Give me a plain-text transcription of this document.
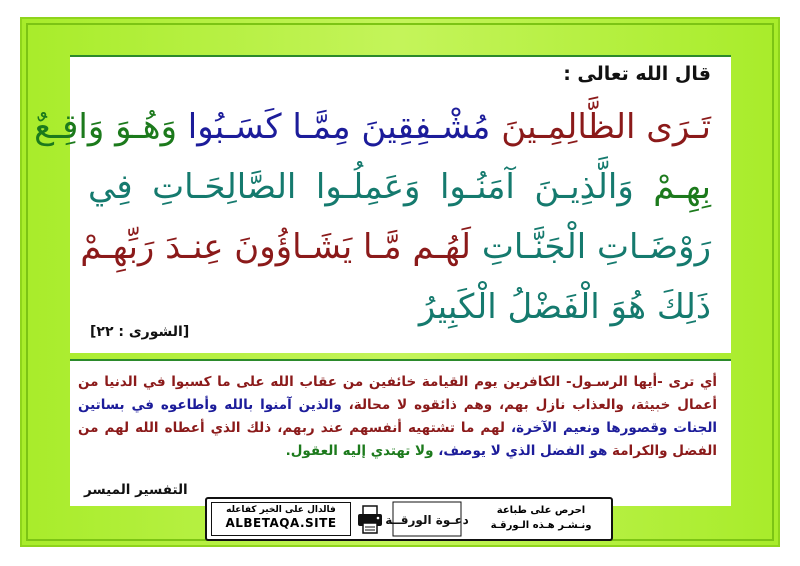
قال الله تعالى :
تَـرَى الظَّالِمِـينَ مُشْـفِقِينَ مِمَّـا كَسَـبُوا وَهُـوَ وَاقِـعٌ
بِهِـمْ وَالَّذِيـنَ آمَنُـوا وَعَمِلُـوا الصَّالِحَـاتِ فِي
رَوْضَـاتِ الْجَنَّـاتِ لَهُـم مَّـا يَشَـاؤُونَ عِنـدَ رَبِّهِـمْ
ذَلِكَ هُوَ الْفَضْلُ الْكَبِيرُ
[الشورى : ٢٢]
أي ترى -أيها الرسـول- الكافرين يوم القيامة خائفين من عقاب الله على ما كسبوا في الدنيا من أعمال خبيثة، والعذاب نازل بهم، وهم ذائقوه لا محالة، والذين آمنوا بالله وأطاعوه في بساتين الجنات وقصورها ونعيم الآخرة، لهم ما تشتهيه أنفسهم عند ربهم، ذلك الذي أعطاه الله لهم من الفضل والكرامة هو الفضل الذي لا يوصف، ولا تهتدي إليه العقول.
التفسير الميسر
فالدال على الخير كفاعله
ALBETAQA.SITE	دعـوة الورقــة
احرص على طباعة
ونـشـر هـذه الـورقـة
